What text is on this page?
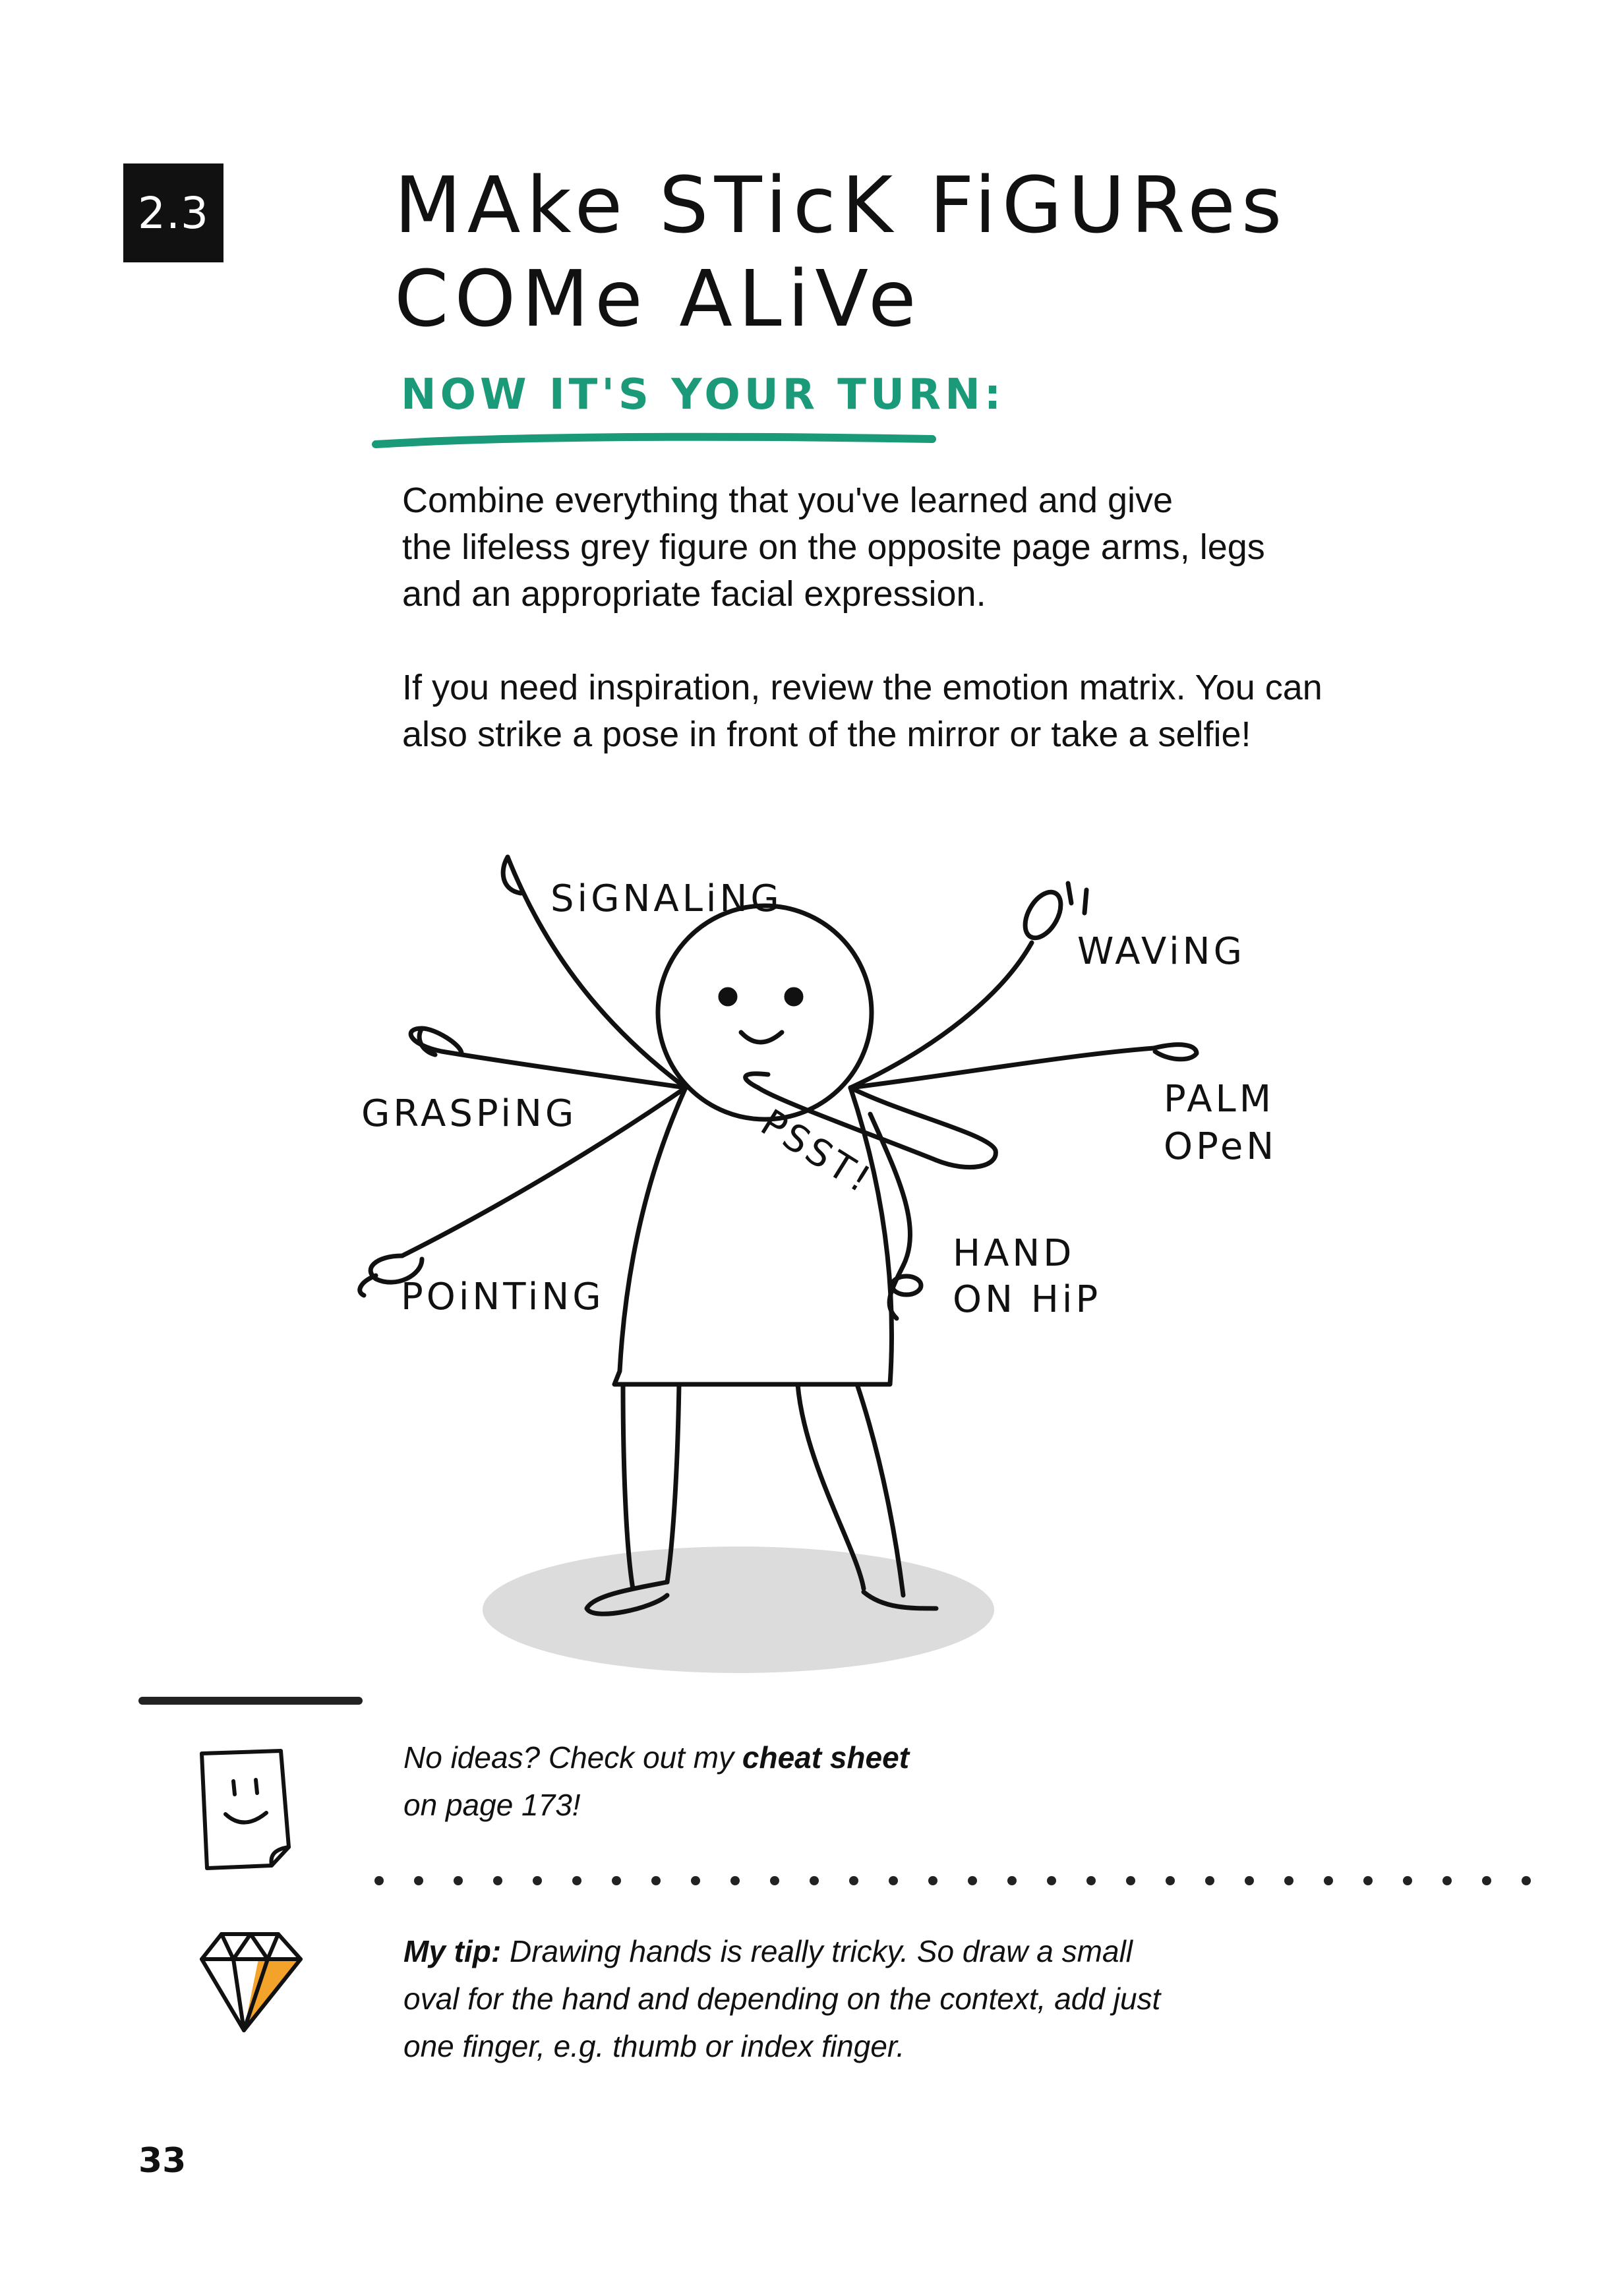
2.3 MAke STicK FiGURes
COMe ALiVe
NOW IT'S YOUR TURN:

Combine everything that you've learned and give
the lifeless grey figure on the opposite page arms, legs
and an appropriate facial expression.

If you need inspiration, review the emotion matrix. You can
also strike a pose in front of the mirror or take a selfie!

SiGNALiNG
WAViNG
GRASPiNG	PALM
OPeN
PSST!
POiNTiNG
HAND
ON HiP
No ideas? Check out my cheat sheet
on page 173!
My tip: Drawing hands is really tricky. So draw a small
oval for the hand and depending on the context, add just
one finger, e.g. thumb or index finger.
33
